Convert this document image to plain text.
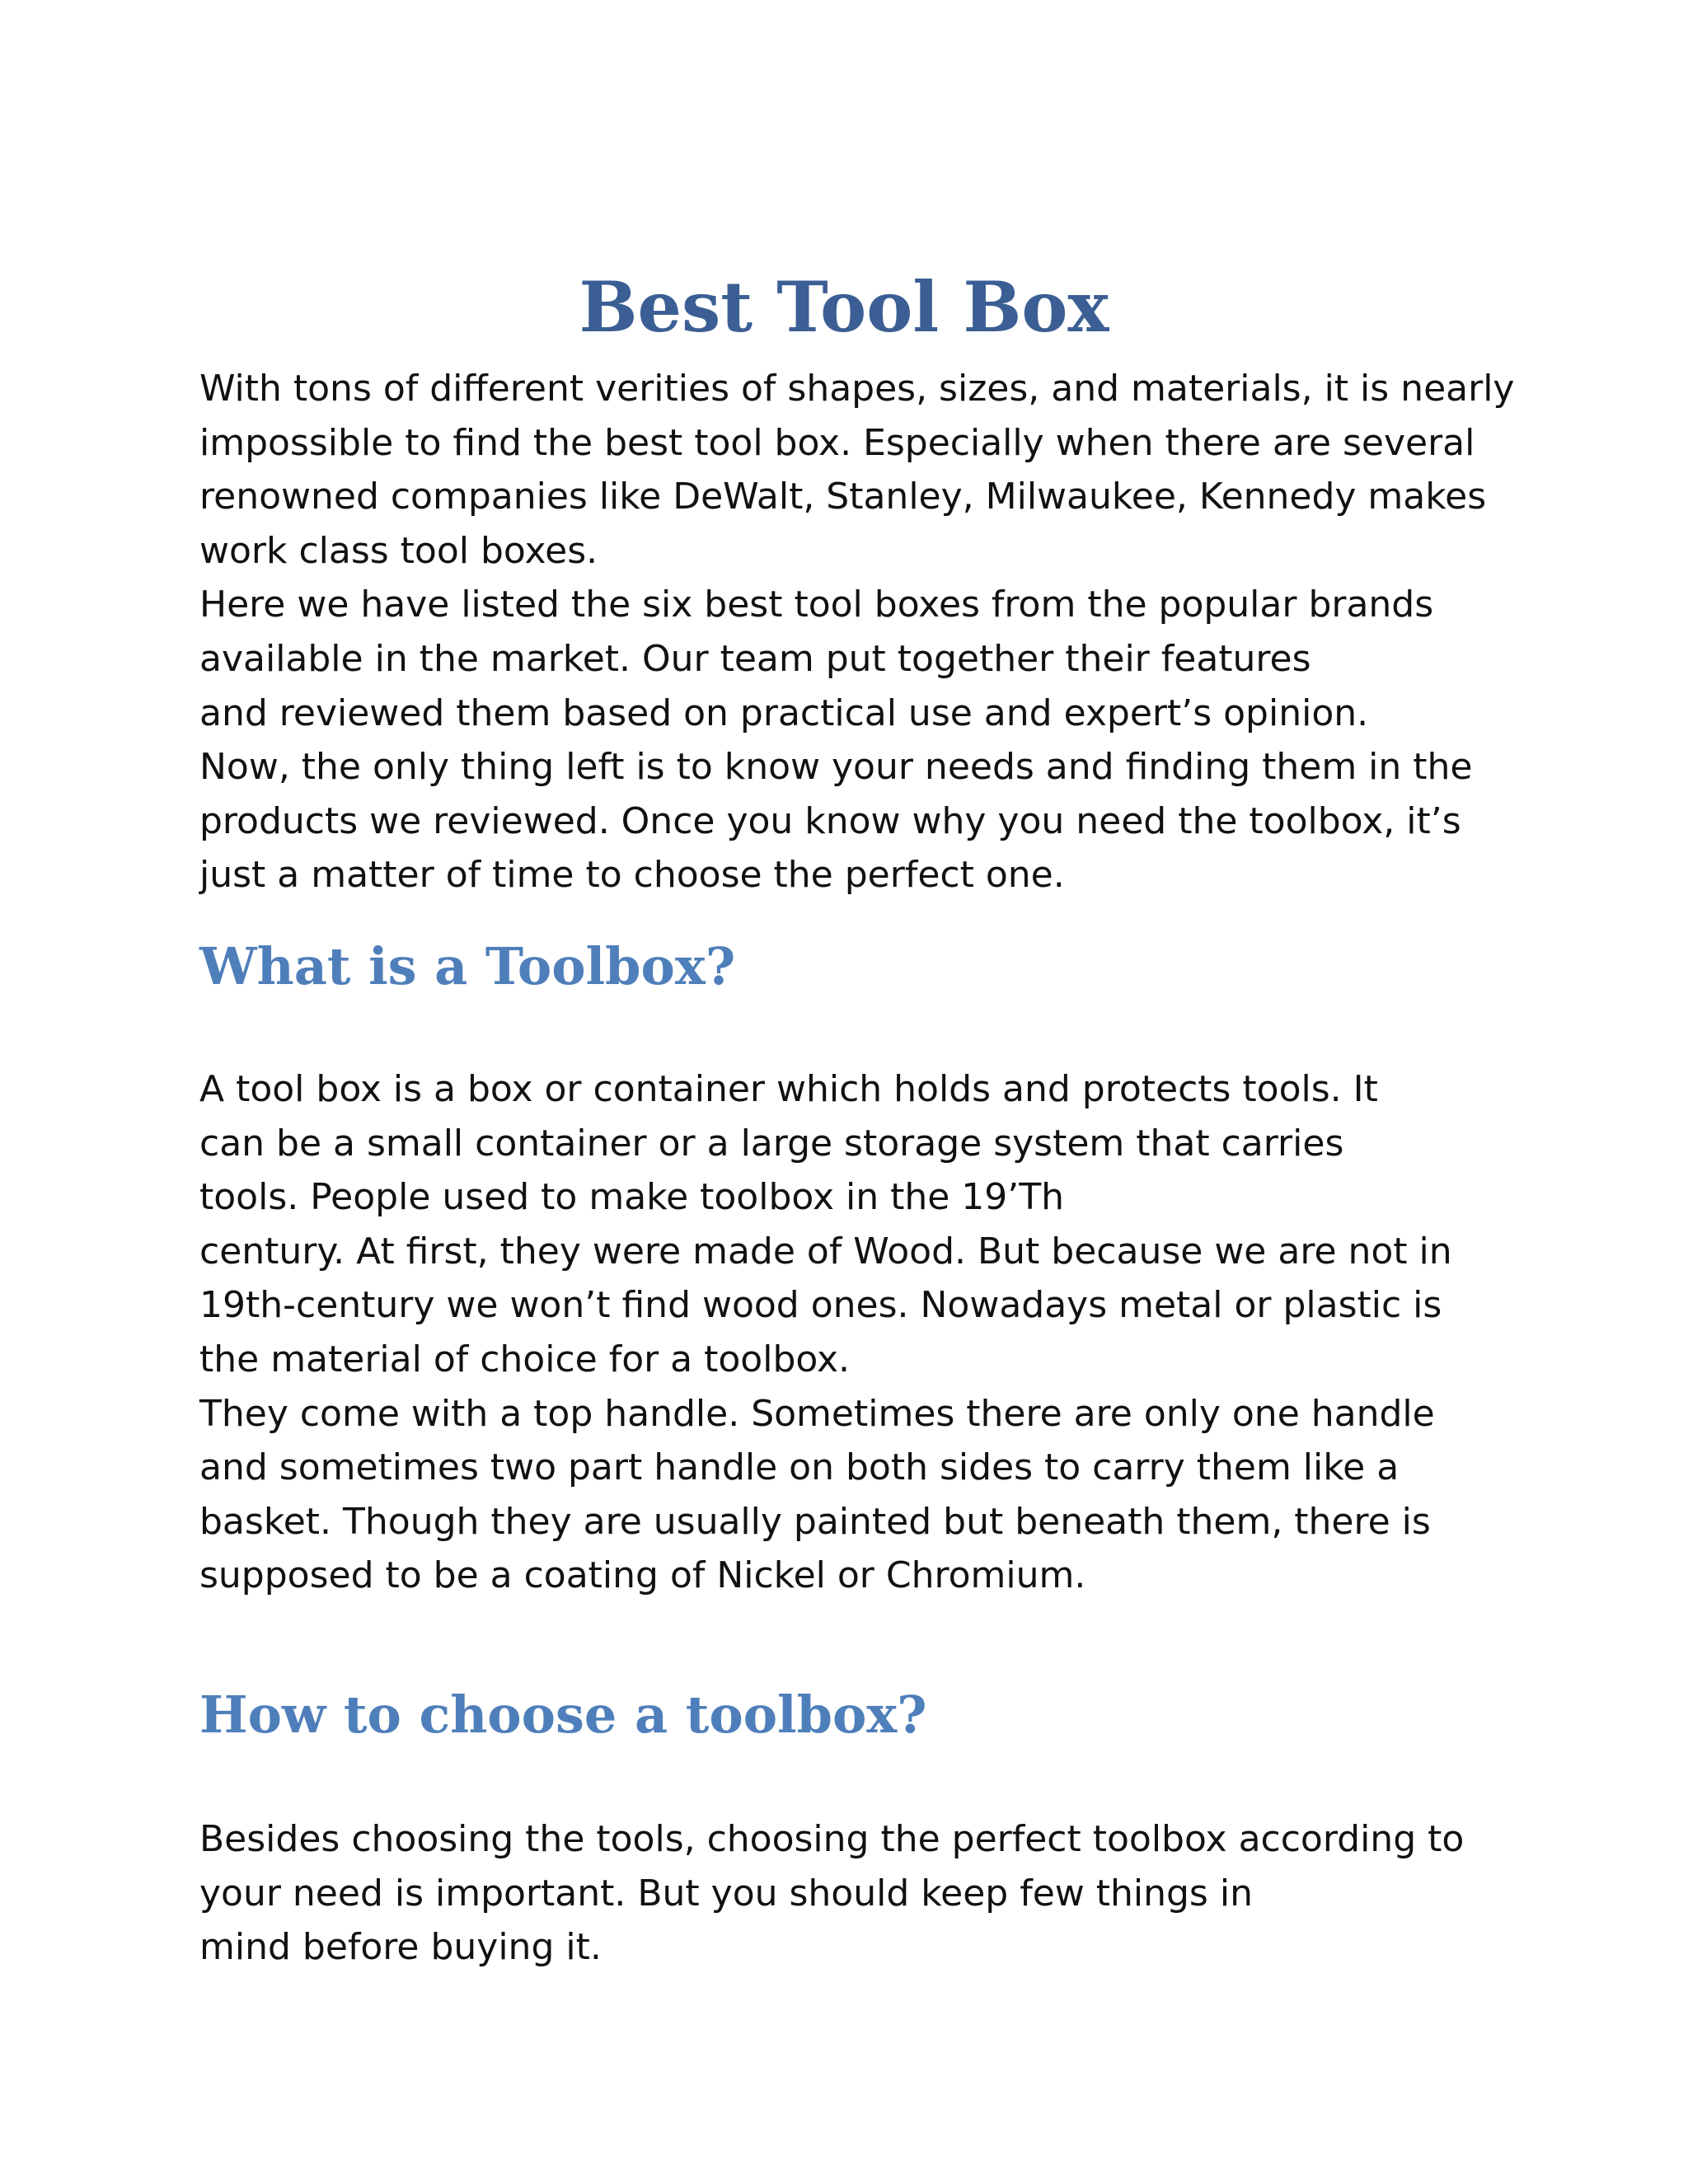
Best Tool Box

With tons of different verities of shapes, sizes, and materials, it is nearly

impossible to find the best tool box. Especially when there are several

renowned companies like DeWalt, Stanley, Milwaukee, Kennedy makes

work class tool boxes.

Here we have listed the six best tool boxes from the popular brands

available in the market. Our team put together their features

and reviewed them based on practical use and expert’s opinion.

Now, the only thing left is to know your needs and finding them in the

products we reviewed. Once you know why you need the toolbox, it’s

just a matter of time to choose the perfect one.

What is a Toolbox?

A tool box is a box or container which holds and protects tools. It

can be a small container or a large storage system that carries

tools. People used to make toolbox in the 19’Th

century. At first, they were made of Wood. But because we are not in

19th-century we won’t find wood ones. Nowadays metal or plastic is

the material of choice for a toolbox.

They come with a top handle. Sometimes there are only one handle

and sometimes two part handle on both sides to carry them like a

basket. Though they are usually painted but beneath them, there is

supposed to be a coating of Nickel or Chromium.

How to choose a toolbox?

Besides choosing the tools, choosing the perfect toolbox according to

your need is important. But you should keep few things in

mind before buying it.
